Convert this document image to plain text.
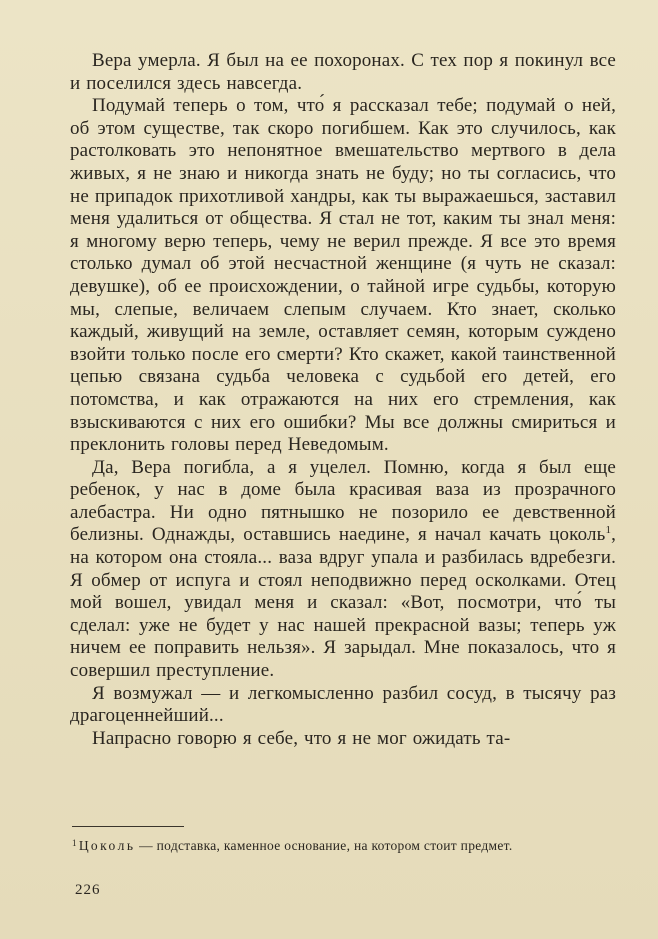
Вера умерла. Я был на ее похоронах. С тех пор я покинул все и поселился здесь навсегда.

Подумай теперь о том, что́ я рассказал тебе; подумай о ней, об этом существе, так скоро погибшем. Как это случилось, как растолковать это непонятное вмешательство мертвого в дела живых, я не знаю и никогда знать не буду; но ты согласись, что не припадок прихотливой хандры, как ты выражаешься, заставил меня удалиться от общества. Я стал не тот, каким ты знал меня: я многому верю теперь, чему не верил прежде. Я все это время столько думал об этой несчастной женщине (я чуть не сказал: девушке), об ее происхождении, о тайной игре судьбы, которую мы, слепые, величаем слепым случаем. Кто знает, сколько каждый, живущий на земле, оставляет семян, которым суждено взойти только после его смерти? Кто скажет, какой таинственной цепью связана судьба человека с судьбой его детей, его потомства, и как отражаются на них его стремления, как взыскиваются с них его ошибки? Мы все должны смириться и преклонить головы перед Неведомым.

Да, Вера погибла, а я уцелел. Помню, когда я был еще ребенок, у нас в доме была красивая ваза из прозрачного алебастра. Ни одно пятнышко не позорило ее девственной белизны. Однажды, оставшись наедине, я начал качать цоколь$^1$, на котором она стояла... ваза вдруг упала и разбилась вдребезги. Я обмер от испуга и стоял неподвижно перед осколками. Отец мой вошел, увидал меня и сказал: «Вот, посмотри, что́ ты сделал: уже не будет у нас нашей прекрасной вазы; теперь уж ничем ее поправить нельзя». Я зарыдал. Мне показалось, что я совершил преступление.

Я возмужал — и легкомысленно разбил сосуд, в тысячу раз драгоценнейший...

Напрасно говорю я себе, что я не мог ожидать та-

$^1$ Цоколь — подставка, каменное основание, на котором стоит предмет.
226
